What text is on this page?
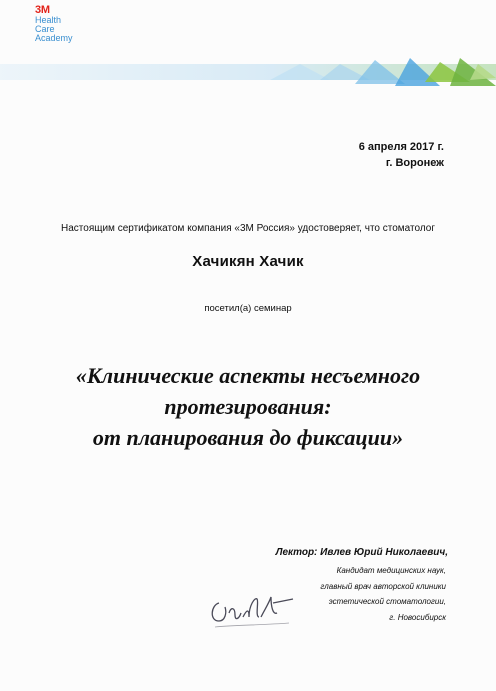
3M
Health
Care
Academy
6 апреля 2017 г.
г. Воронеж
Настоящим сертификатом компания «3М Россия» удостоверяет, что стоматолог
Хачикян Хачик
посетил(а) семинар
«Клинические аспекты несъемного
протезирования:
от планирования до фиксации»
Лектор: Ивлев Юрий Николаевич,
Кандидат медицинских наук,
главный врач авторской клиники
эстетической стоматологии,
г. Новосибирск
